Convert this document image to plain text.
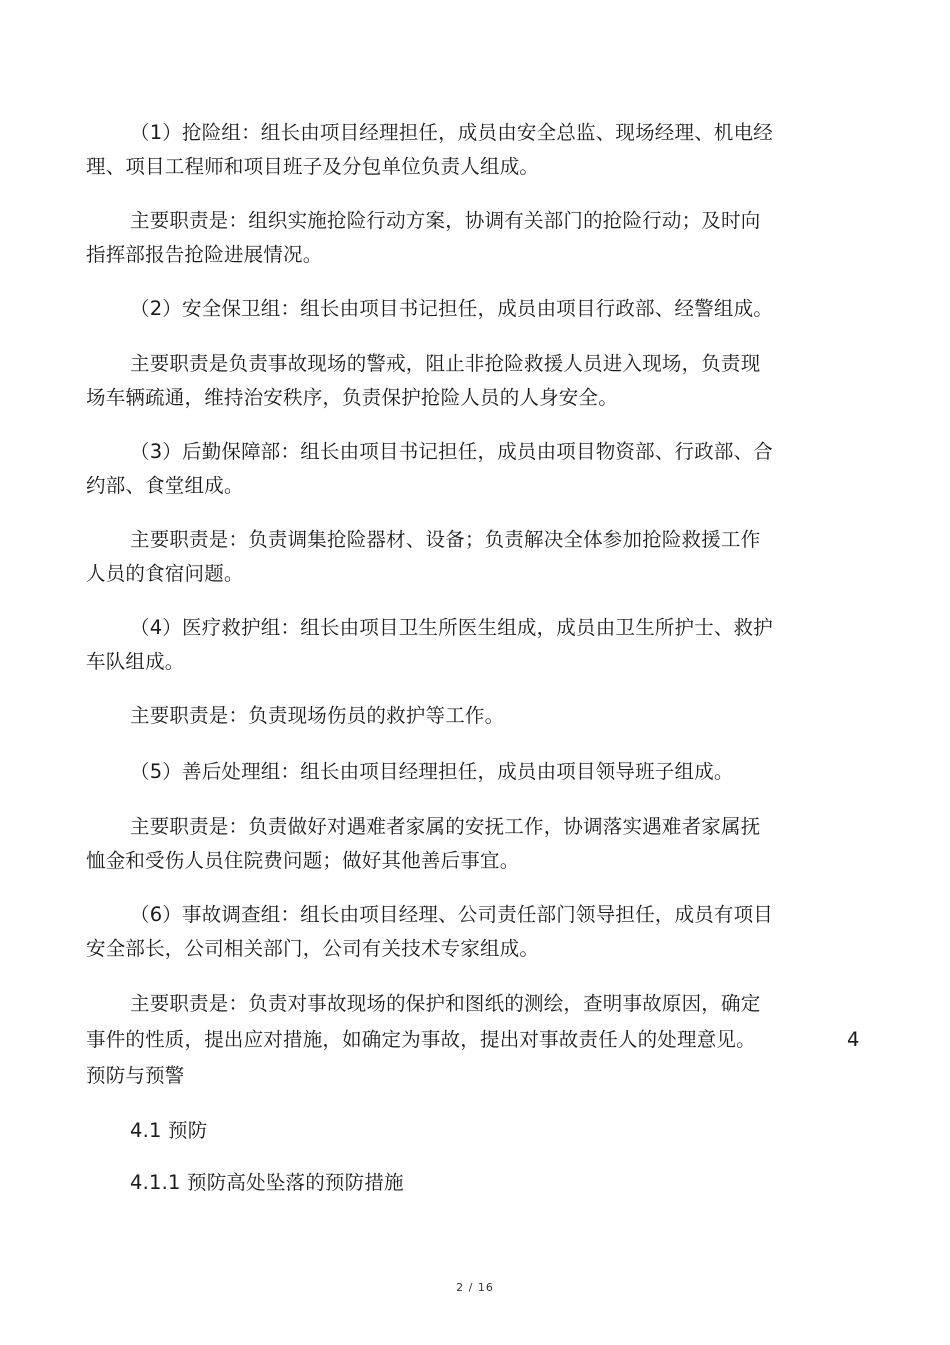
（1）抢险组：组长由项目经理担任，成员由安全总监、现场经理、机电经
理、项目工程师和项目班子及分包单位负责人组成。
主要职责是：组织实施抢险行动方案，协调有关部门的抢险行动；及时向
指挥部报告抢险进展情况。
（2）安全保卫组：组长由项目书记担任，成员由项目行政部、经警组成。
主要职责是负责事故现场的警戒，阻止非抢险救援人员进入现场，负责现
场车辆疏通，维持治安秩序，负责保护抢险人员的人身安全。
（3）后勤保障部：组长由项目书记担任，成员由项目物资部、行政部、合
约部、食堂组成。
主要职责是：负责调集抢险器材、设备；负责解决全体参加抢险救援工作
人员的食宿问题。
（4）医疗救护组：组长由项目卫生所医生组成，成员由卫生所护士、救护
车队组成。
主要职责是：负责现场伤员的救护等工作。
（5）善后处理组：组长由项目经理担任，成员由项目领导班子组成。
主要职责是：负责做好对遇难者家属的安抚工作，协调落实遇难者家属抚
恤金和受伤人员住院费问题；做好其他善后事宜。
（6）事故调查组：组长由项目经理、公司责任部门领导担任，成员有项目
安全部长，公司相关部门，公司有关技术专家组成。
主要职责是：负责对事故现场的保护和图纸的测绘，查明事故原因，确定
事件的性质，提出应对措施，如确定为事故，提出对事故责任人的处理意见。	4
预防与预警
4.1 预防
4.1.1 预防高处坠落的预防措施
2 / 16
